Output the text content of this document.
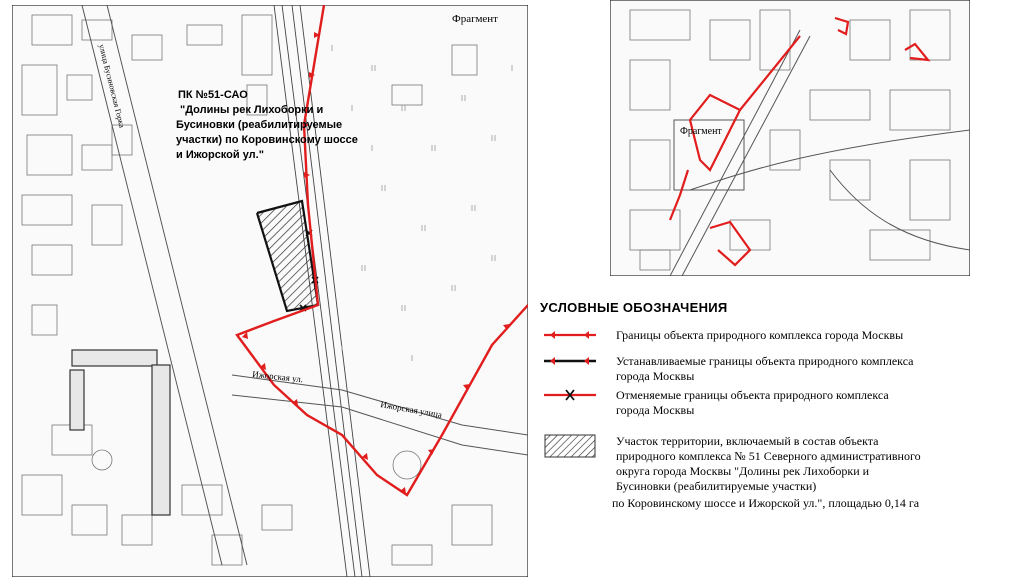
Фрагмент
улица Бусиновская Горка
Ижорская ул.
Ижорская улица
ПК №51-САО
"Долины рек Лихоборки и
Бусиновки (реабилитируемые
участки) по Коровинскому шоссе
и Ижорской ул."
Фрагмент
УСЛОВНЫЕ ОБОЗНАЧЕНИЯ
Границы объекта природного комплекса города Москвы
Устанавливаемые границы объекта природного комплекса
города Москвы
Отменяемые границы объекта природного комплекса
города Москвы
Участок территории, включаемый в состав объекта
природного комплекса № 51 Северного административного
округа города Москвы "Долины рек Лихоборки и
Бусиновки (реабилитируемые участки)
по Коровинскому шоссе и Ижорской ул.", площадью 0,14 га
